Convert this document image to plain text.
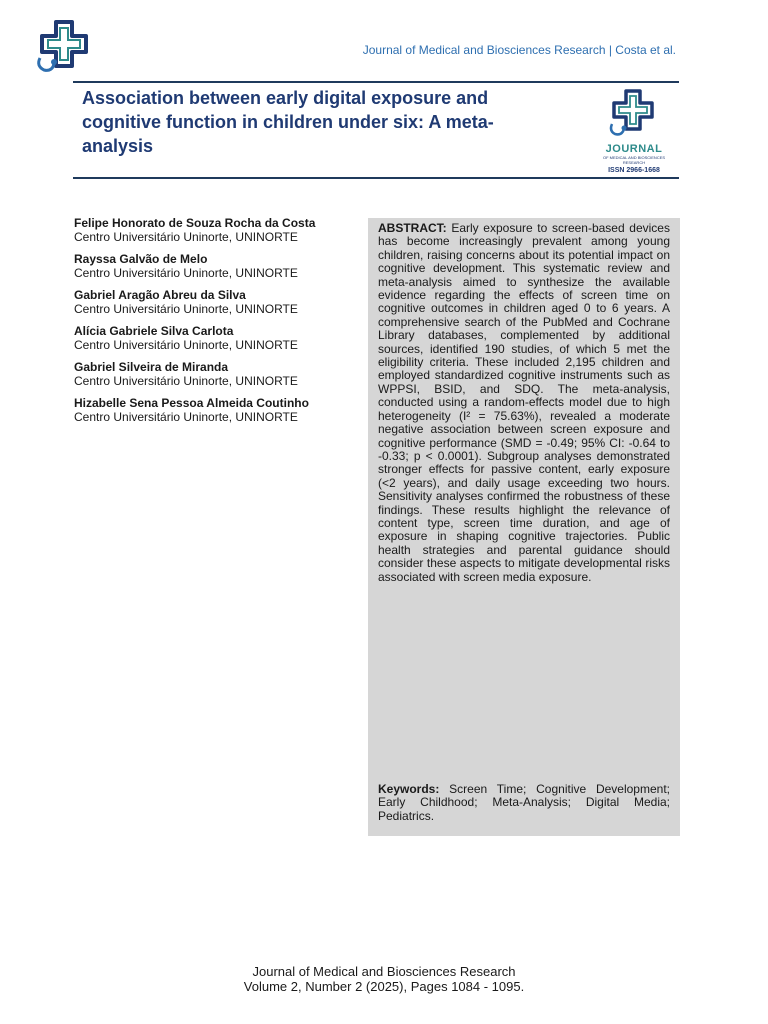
Journal of Medical and Biosciences Research | Costa et al.
Association between early digital exposure and cognitive function in children under six: A meta-analysis	JOURNAL
OF MEDICAL AND BIOSCIENCES RESEARCH
ISSN 2966-1668
Felipe Honorato de Souza Rocha da Costa
Centro Universitário Uninorte, UNINORTE
Rayssa Galvão de Melo
Centro Universitário Uninorte, UNINORTE
Gabriel Aragão Abreu da Silva
Centro Universitário Uninorte, UNINORTE
Alícia Gabriele Silva Carlota
Centro Universitário Uninorte, UNINORTE
Gabriel Silveira de Miranda
Centro Universitário Uninorte, UNINORTE
Hizabelle Sena Pessoa Almeida Coutinho
Centro Universitário Uninorte, UNINORTE

ABSTRACT: Early exposure to screen-based devices has become increasingly prevalent among young children, raising concerns about its potential impact on cognitive development. This systematic review and meta-analysis aimed to synthesize the available evidence regarding the effects of screen time on cognitive outcomes in children aged 0 to 6 years. A comprehensive search of the PubMed and Cochrane Library databases, complemented by additional sources, identified 190 studies, of which 5 met the eligibility criteria. These included 2,195 children and employed standardized cognitive instruments such as WPPSI, BSID, and SDQ. The meta-analysis, conducted using a random-effects model due to high heterogeneity (I² = 75.63%), revealed a moderate negative association between screen exposure and cognitive performance (SMD = -0.49; 95% CI: -0.64 to -0.33; p < 0.0001). Subgroup analyses demonstrated stronger effects for passive content, early exposure (<2 years), and daily usage exceeding two hours. Sensitivity analyses confirmed the robustness of these findings. These results highlight the relevance of content type, screen time duration, and age of exposure in shaping cognitive trajectories. Public health strategies and parental guidance should consider these aspects to mitigate developmental risks associated with screen media exposure.

Keywords: Screen Time; Cognitive Development; Early Childhood; Meta-Analysis; Digital Media; Pediatrics.

Journal of Medical and Biosciences Research
Volume 2, Number 2 (2025), Pages 1084 - 1095.
